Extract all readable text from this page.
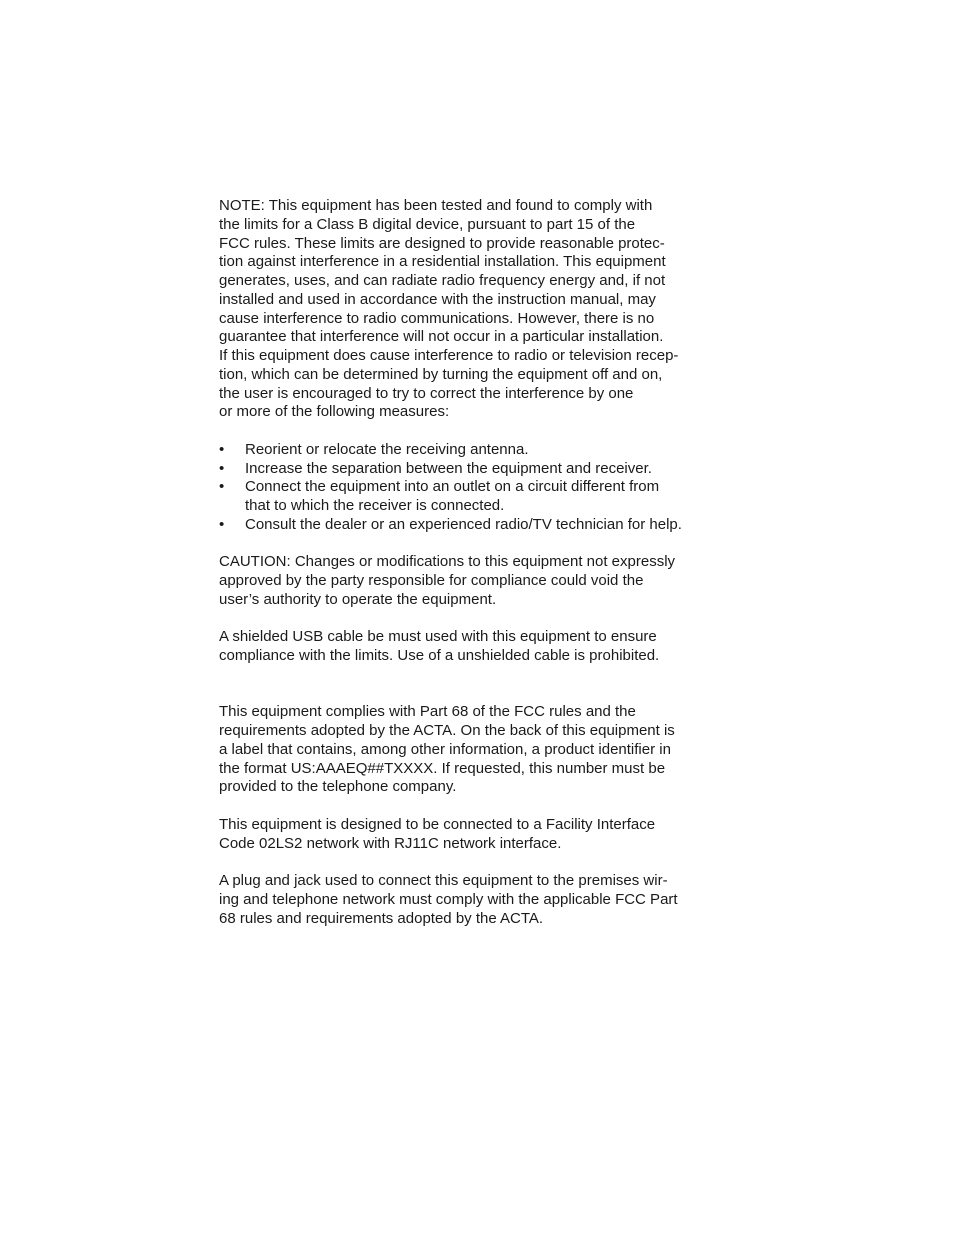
NOTE: This equipment has been tested and found to comply with
the limits for a Class B digital device, pursuant to part 15 of the
FCC rules. These limits are designed to provide reasonable protec-
tion against interference in a residential installation. This equipment
generates, uses, and can radiate radio frequency energy and, if not
installed and used in accordance with the instruction manual, may
cause interference to radio communications. However, there is no
guarantee that interference will not occur in a particular installation.
If this equipment does cause interference to radio or television recep-
tion, which can be determined by turning the equipment off and on,
the user is encouraged to try to correct the interference by one
or more of the following measures:
•	Reorient or relocate the receiving antenna.
•	Increase the separation between the equipment and receiver.
•	Connect the equipment into an outlet on a circuit different from
that to which the receiver is connected.
•	Consult the dealer or an experienced radio/TV technician for help.
CAUTION: Changes or modifications to this equipment not expressly
approved by the party responsible for compliance could void the
user’s authority to operate the equipment.
A shielded USB cable be must used with this equipment to ensure
compliance with the limits. Use of a unshielded cable is prohibited.
This equipment complies with Part 68 of the FCC rules and the
requirements adopted by the ACTA. On the back of this equipment is
a label that contains, among other information, a product identifier in
the format US:AAAEQ##TXXXX. If requested, this number must be
provided to the telephone company.
This equipment is designed to be connected to a Facility Interface
Code 02LS2 network with RJ11C network interface.
A plug and jack used to connect this equipment to the premises wir-
ing and telephone network must comply with the applicable FCC Part
68 rules and requirements adopted by the ACTA.
